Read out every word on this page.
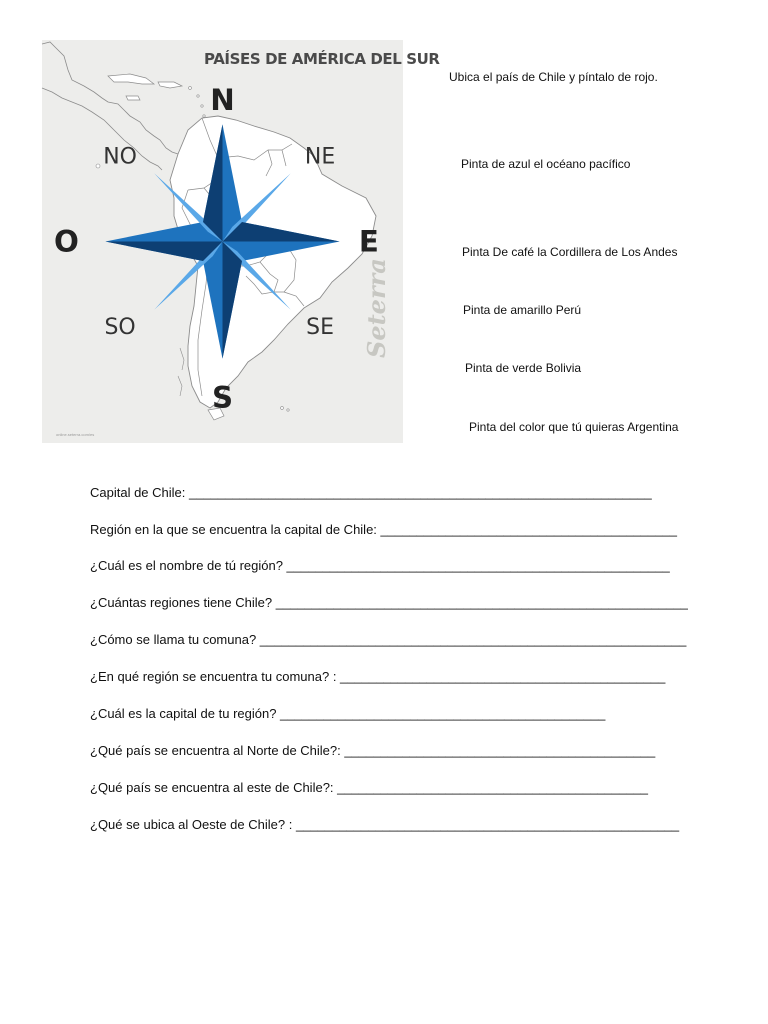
PAÍSES DE AMÉRICA DEL SUR
N
S
E
O
NE
NO
SE
SO	Seterra
online.seterra.com/es
Ubica el país de Chile y píntalo de rojo.
Pinta de azul el océano pacífico
Pinta De café la Cordillera de Los Andes
Pinta de amarillo Perú
Pinta de verde Bolivia
Pinta del color que tú quieras Argentina
Capital de Chile: ________________________________________________________________
Región en la que se encuentra la capital de Chile: _________________________________________
¿Cuál es el nombre de tú región? _____________________________________________________
¿Cuántas regiones tiene Chile? _________________________________________________________
¿Cómo se llama tu comuna? ___________________________________________________________
¿En qué región se encuentra tu comuna? : _____________________________________________
¿Cuál es la capital de tu región? _____________________________________________
¿Qué país se encuentra al Norte de Chile?: ___________________________________________
¿Qué país se encuentra al este de Chile?: ___________________________________________
¿Qué se ubica al Oeste de Chile? : _____________________________________________________
